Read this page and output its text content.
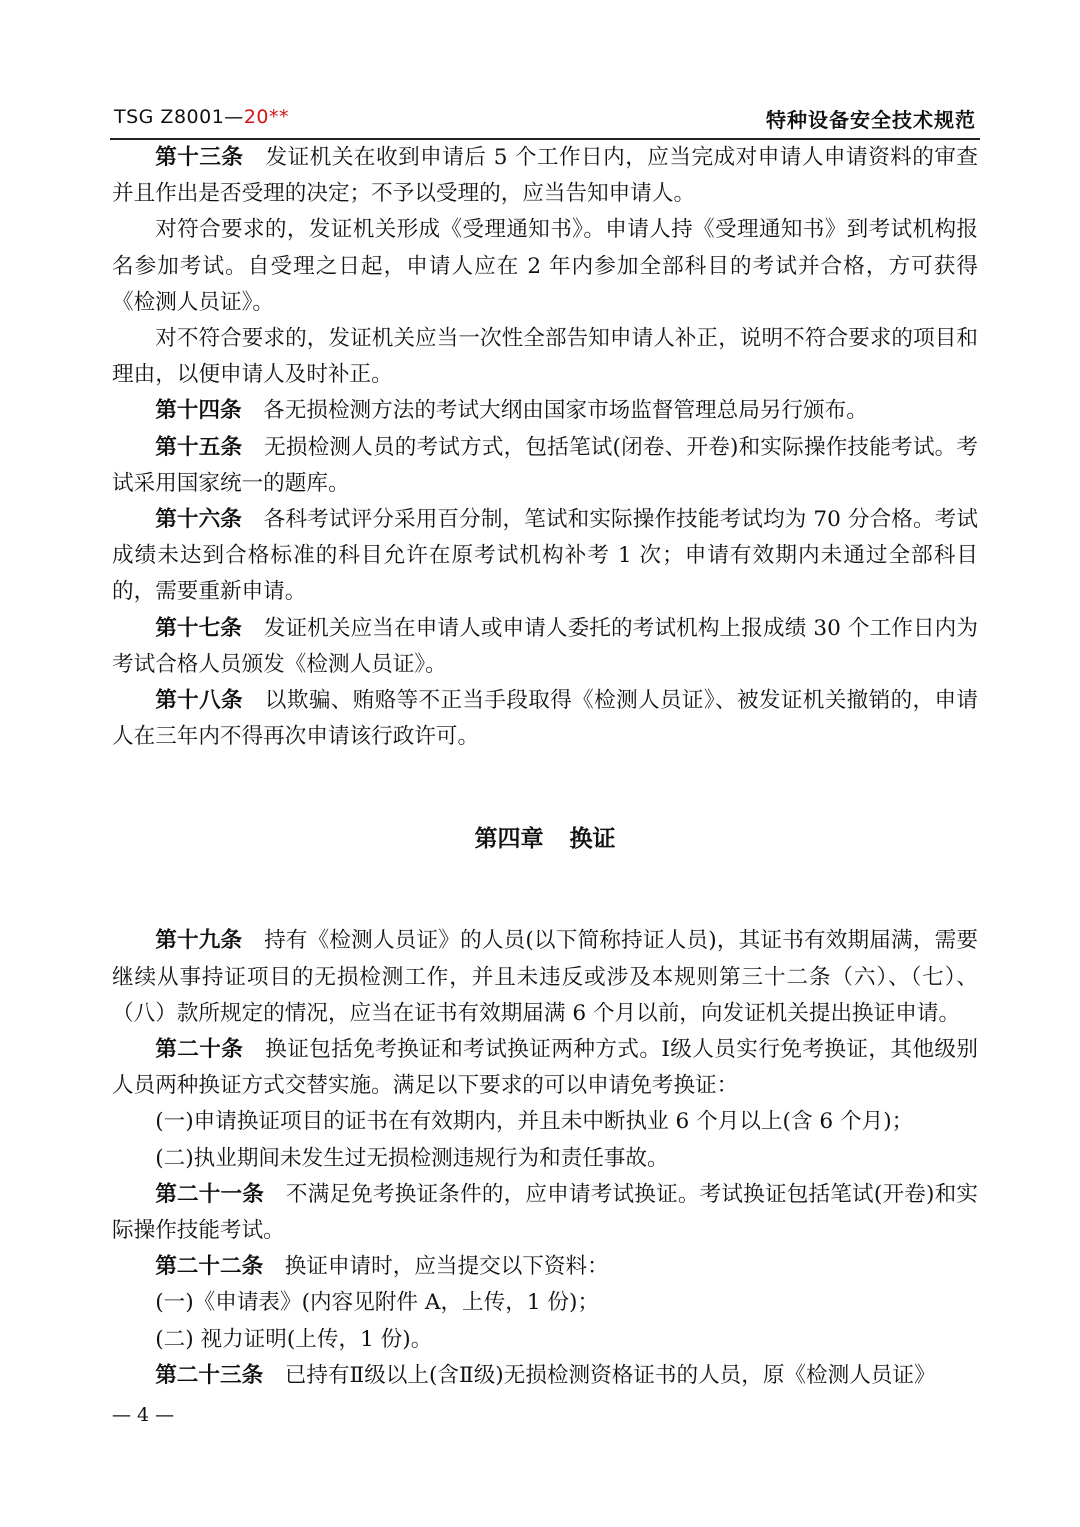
TSG Z8001—20**	特种设备安全技术规范

第十三条 发证机关在收到申请后 5 个工作日内，应当完成对申请人申请资料的审查并且作出是否受理的决定；不予以受理的，应当告知申请人。

对符合要求的，发证机关形成《受理通知书》。申请人持《受理通知书》到考试机构报名参加考试。自受理之日起，申请人应在 2 年内参加全部科目的考试并合格，方可获得《检测人员证》。

对不符合要求的，发证机关应当一次性全部告知申请人补正，说明不符合要求的项目和理由，以便申请人及时补正。

第十四条 各无损检测方法的考试大纲由国家市场监督管理总局另行颁布。

第十五条 无损检测人员的考试方式，包括笔试(闭卷、开卷)和实际操作技能考试。考试采用国家统一的题库。

第十六条 各科考试评分采用百分制，笔试和实际操作技能考试均为 70 分合格。考试成绩未达到合格标准的科目允许在原考试机构补考 1 次；申请有效期内未通过全部科目的，需要重新申请。

第十七条 发证机关应当在申请人或申请人委托的考试机构上报成绩 30 个工作日内为考试合格人员颁发《检测人员证》。

第十八条 以欺骗、贿赂等不正当手段取得《检测人员证》、被发证机关撤销的，申请人在三年内不得再次申请该行政许可。

第四章 换证

第十九条 持有《检测人员证》的人员(以下简称持证人员)，其证书有效期届满，需要继续从事持证项目的无损检测工作，并且未违反或涉及本规则第三十二条（六）、（七）、（八）款所规定的情况，应当在证书有效期届满 6 个月以前，向发证机关提出换证申请。

第二十条 换证包括免考换证和考试换证两种方式。Ⅰ级人员实行免考换证，其他级别人员两种换证方式交替实施。满足以下要求的可以申请免考换证：

(一)申请换证项目的证书在有效期内，并且未中断执业 6 个月以上(含 6 个月)；

(二)执业期间未发生过无损检测违规行为和责任事故。

第二十一条 不满足免考换证条件的，应申请考试换证。考试换证包括笔试(开卷)和实际操作技能考试。

第二十二条 换证申请时，应当提交以下资料：

(一)《申请表》(内容见附件 A，上传，1 份)；

(二) 视力证明(上传，1 份)。

第二十三条 已持有Ⅱ级以上(含Ⅱ级)无损检测资格证书的人员，原《检测人员证》

— 4 —
